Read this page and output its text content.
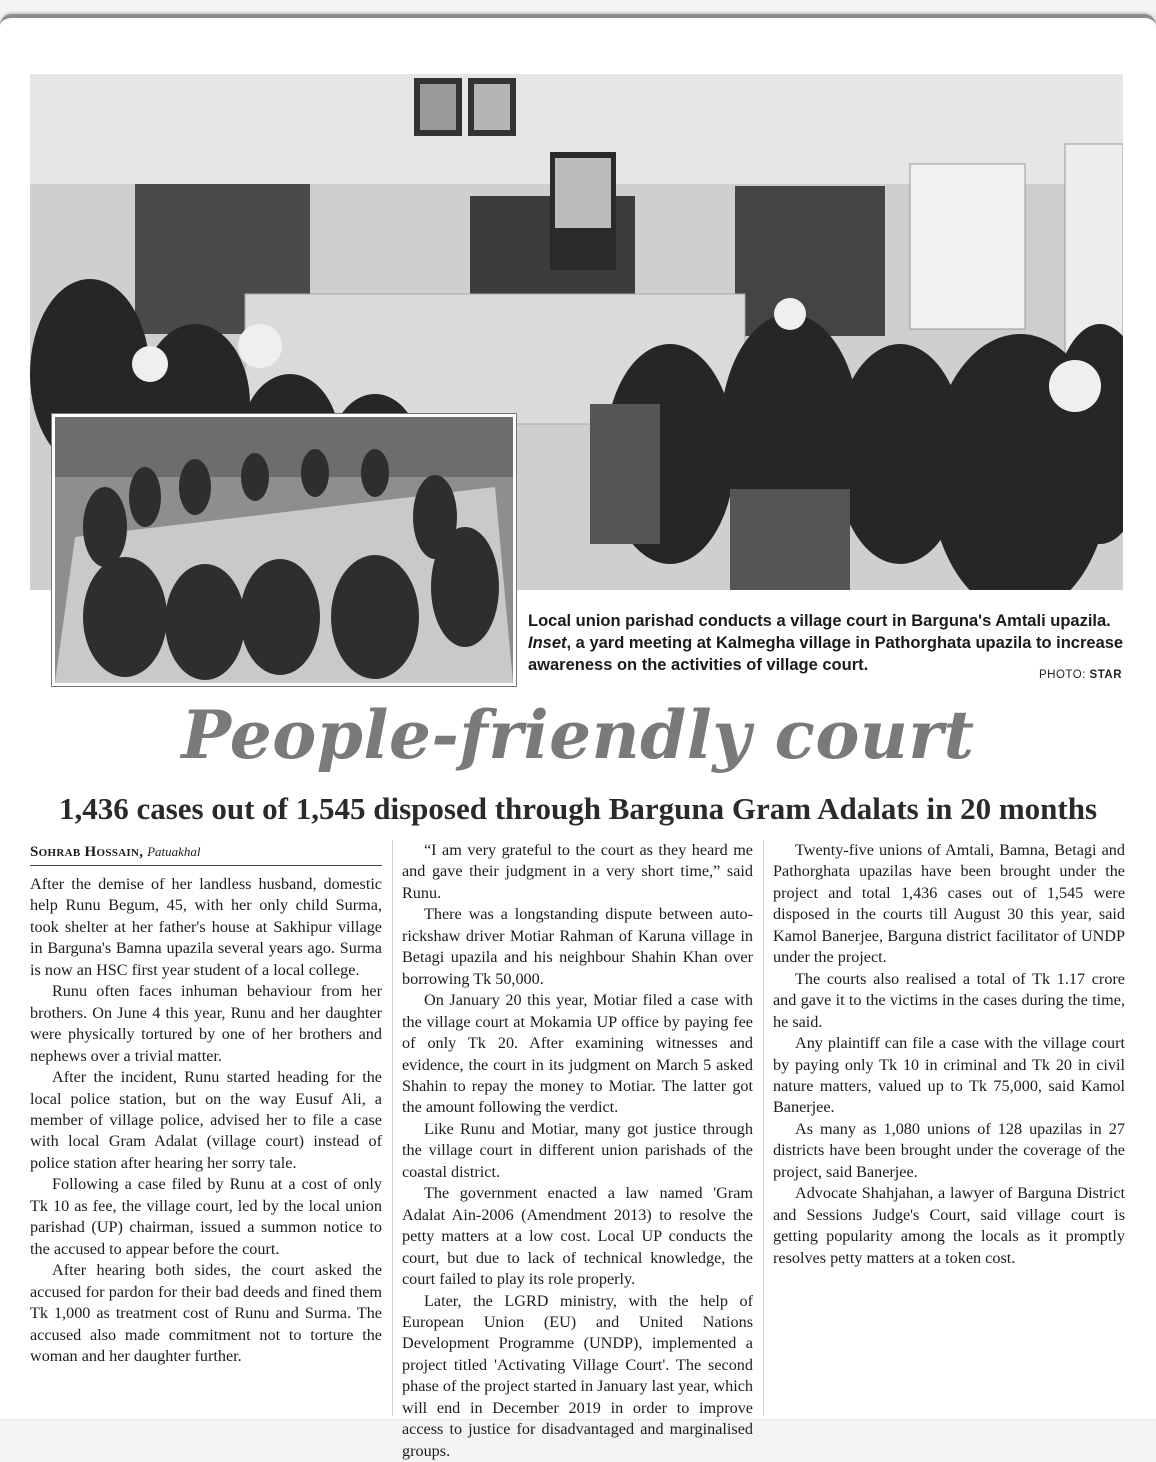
Local union parishad conducts a village court in Barguna's Amtali upazila. Inset, a yard meeting at Kalmegha village in Pathorghata upazila to increase awareness on the activities of village court.
PHOTO: STAR
People-friendly court
1,436 cases out of 1,545 disposed through Barguna Gram Adalats in 20 months
Sohrab Hossain, Patuakhal

After the demise of her landless husband, domestic help Runu Begum, 45, with her only child Surma, took shelter at her father's house at Sakhipur village in Barguna's Bamna upazila several years ago. Surma is now an HSC first year student of a local college.

Runu often faces inhuman behaviour from her brothers. On June 4 this year, Runu and her daughter were physically tortured by one of her brothers and nephews over a trivial matter.

After the incident, Runu started heading for the local police station, but on the way Eusuf Ali, a member of village police, advised her to file a case with local Gram Adalat (village court) instead of police station after hearing her sorry tale.

Following a case filed by Runu at a cost of only Tk 10 as fee, the village court, led by the local union parishad (UP) chairman, issued a summon notice to the accused to appear before the court.

After hearing both sides, the court asked the accused for pardon for their bad deeds and fined them Tk 1,000 as treatment cost of Runu and Surma. The accused also made commitment not to torture the woman and her daughter further.

“I am very grateful to the court as they heard me and gave their judgment in a very short time,” said Runu.

There was a longstanding dispute between auto-rickshaw driver Motiar Rahman of Karuna village in Betagi upazila and his neighbour Shahin Khan over borrowing Tk 50,000.

On January 20 this year, Motiar filed a case with the village court at Mokamia UP office by paying fee of only Tk 20. After examining witnesses and evidence, the court in its judgment on March 5 asked Shahin to repay the money to Motiar. The latter got the amount following the verdict.

Like Runu and Motiar, many got justice through the village court in different union parishads of the coastal district.

The government enacted a law named 'Gram Adalat Ain-2006 (Amendment 2013) to resolve the petty matters at a low cost. Local UP conducts the court, but due to lack of technical knowledge, the court failed to play its role properly.

Later, the LGRD ministry, with the help of European Union (EU) and United Nations Development Programme (UNDP), implemented a project titled 'Activating Village Court'. The second phase of the project started in January last year, which will end in December 2019 in order to improve access to justice for disadvantaged and marginalised groups.

Twenty-five unions of Amtali, Bamna, Betagi and Pathorghata upazilas have been brought under the project and total 1,436 cases out of 1,545 were disposed in the courts till August 30 this year, said Kamol Banerjee, Barguna district facilitator of UNDP under the project.

The courts also realised a total of Tk 1.17 crore and gave it to the victims in the cases during the time, he said.

Any plaintiff can file a case with the village court by paying only Tk 10 in criminal and Tk 20 in civil nature matters, valued up to Tk 75,000, said Kamol Banerjee.

As many as 1,080 unions of 128 upazilas in 27 districts have been brought under the coverage of the project, said Banerjee.

Advocate Shahjahan, a lawyer of Barguna District and Sessions Judge's Court, said village court is getting popularity among the locals as it promptly resolves petty matters at a token cost.
